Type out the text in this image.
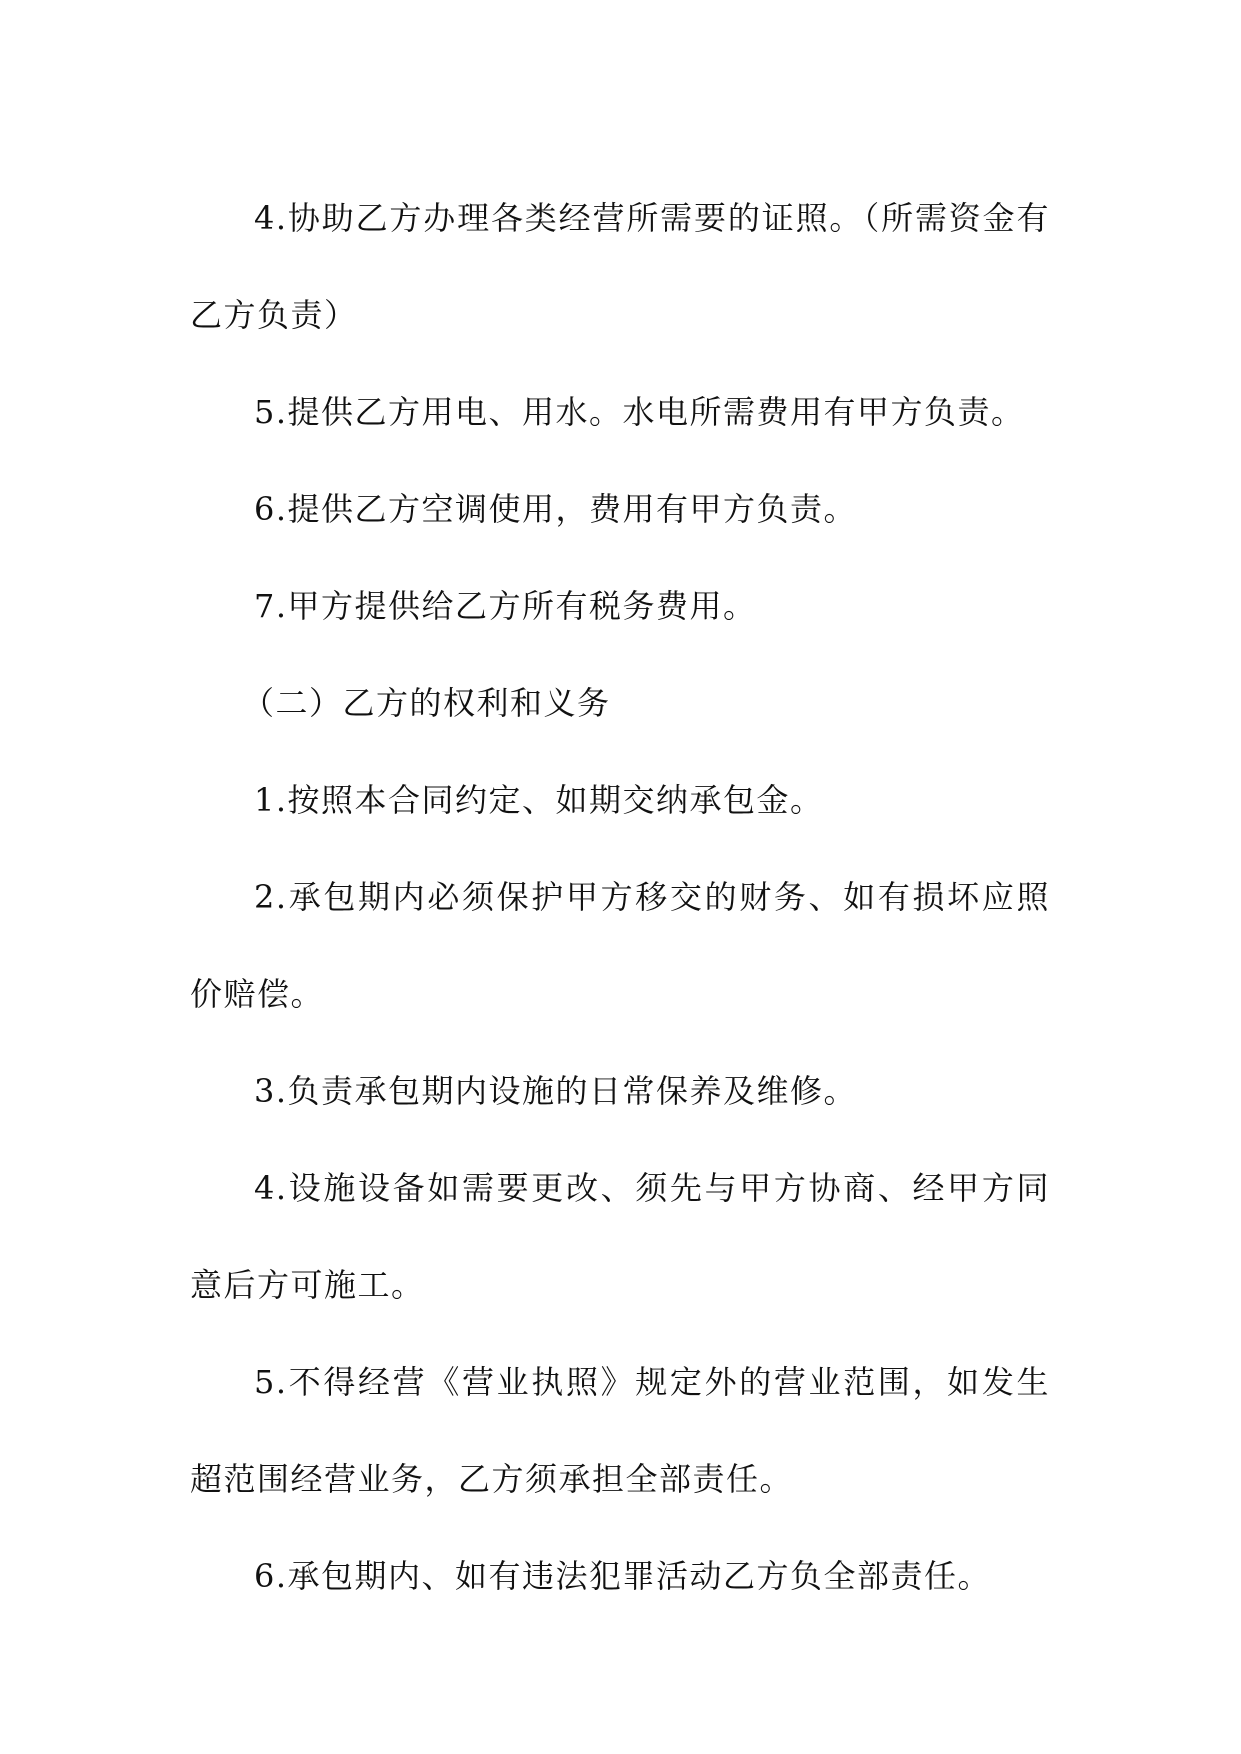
4.协助乙方办理各类经营所需要的证照。（所需资金有乙方负责）

5.提供乙方用电、用水。水电所需费用有甲方负责。

6.提供乙方空调使用，费用有甲方负责。

7.甲方提供给乙方所有税务费用。

（二）乙方的权利和义务

1.按照本合同约定、如期交纳承包金。

2.承包期内必须保护甲方移交的财务、如有损坏应照价赔偿。

3.负责承包期内设施的日常保养及维修。

4.设施设备如需要更改、须先与甲方协商、经甲方同意后方可施工。

5.不得经营《营业执照》规定外的营业范围，如发生超范围经营业务，乙方须承担全部责任。

6.承包期内、如有违法犯罪活动乙方负全部责任。
